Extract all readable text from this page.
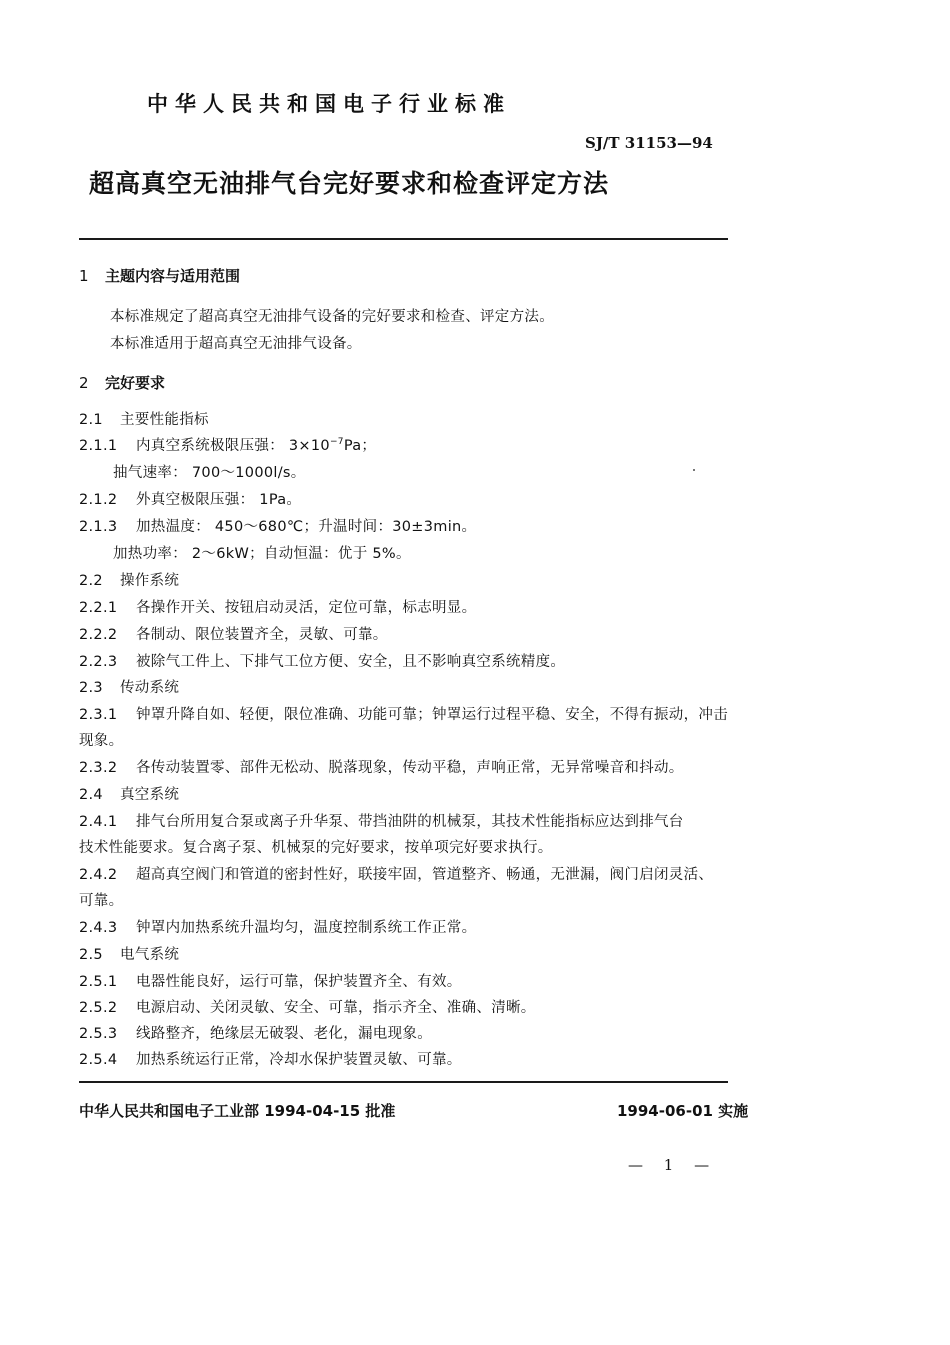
中华人民共和国电子行业标准
SJ/T 31153—94
超高真空无油排气台完好要求和检查评定方法
1 主题内容与适用范围
本标准规定了超高真空无油排气设备的完好要求和检查、评定方法。
本标准适用于超高真空无油排气设备。
2 完好要求
2.1 主要性能指标
2.1.1 内真空系统极限压强： $3\times 10^{-7}Pa$；
抽气速率： 700～1000l/s。
2.1.2 外真空极限压强： 1Pa。
2.1.3 加热温度： 450～680℃；升温时间：30±3min。
加热功率： 2～6kW；自动恒温：优于 5%。
2.2 操作系统
2.2.1 各操作开关、按钮启动灵活，定位可靠，标志明显。
2.2.2 各制动、限位装置齐全，灵敏、可靠。
2.2.3 被除气工件上、下排气工位方便、安全，且不影响真空系统精度。
2.3 传动系统
2.3.1 钟罩升降自如、轻便，限位准确、功能可靠；钟罩运行过程平稳、安全，不得有振动，冲击
现象。
2.3.2 各传动装置零、部件无松动、脱落现象，传动平稳，声响正常，无异常噪音和抖动。
2.4 真空系统
2.4.1 排气台所用复合泵或离子升华泵、带挡油阱的机械泵，其技术性能指标应达到排气台
技术性能要求。复合离子泵、机械泵的完好要求，按单项完好要求执行。
2.4.2 超高真空阀门和管道的密封性好，联接牢固，管道整齐、畅通，无泄漏，阀门启闭灵活、
可靠。
2.4.3 钟罩内加热系统升温均匀，温度控制系统工作正常。
2.5 电气系统
2.5.1 电器性能良好，运行可靠，保护装置齐全、有效。
2.5.2 电源启动、关闭灵敏、安全、可靠，指示齐全、准确、清晰。
2.5.3 线路整齐，绝缘层无破裂、老化，漏电现象。
2.5.4 加热系统运行正常，冷却水保护装置灵敏、可靠。
中华人民共和国电子工业部 1994-04-15 批准	1994-06-01 实施
— 1 —
